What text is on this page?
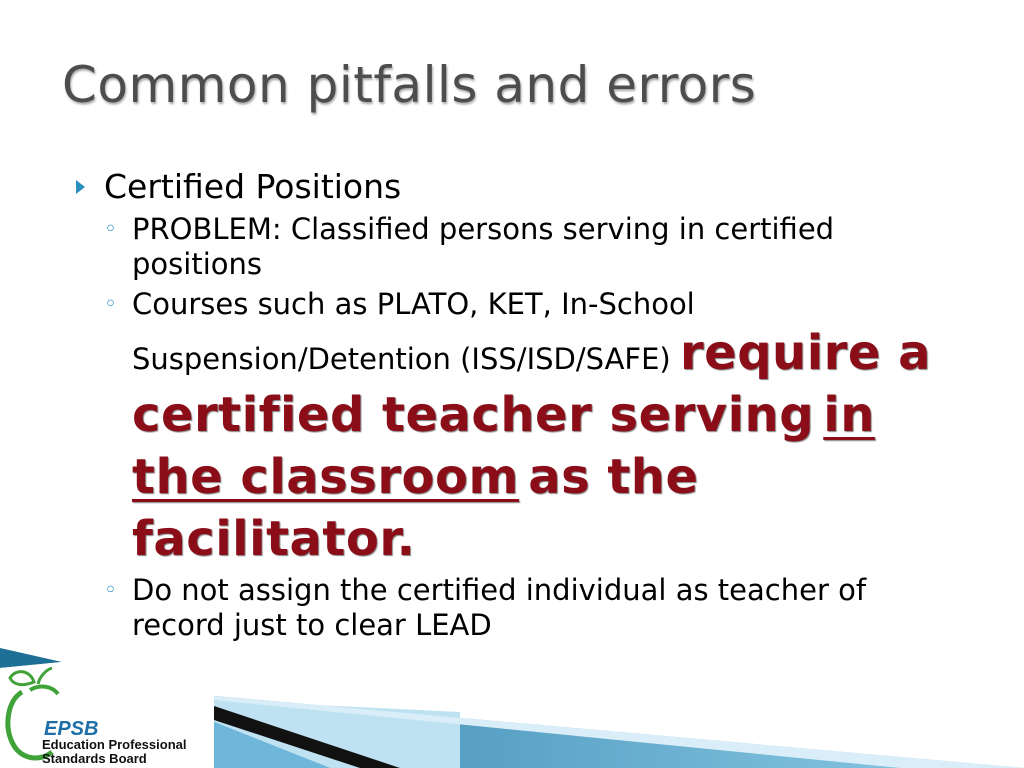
Common pitfalls and errors
Certified Positions
◦ PROBLEM: Classified persons serving in certified positions
◦ Courses such as PLATO, KET, In-School Suspension/Detention (ISS/ISD/SAFE) require a certified teacher serving in the classroom as the facilitator.
◦ Do not assign the certified individual as teacher of record just to clear LEAD
EPSB
Education Professional
Standards Board
